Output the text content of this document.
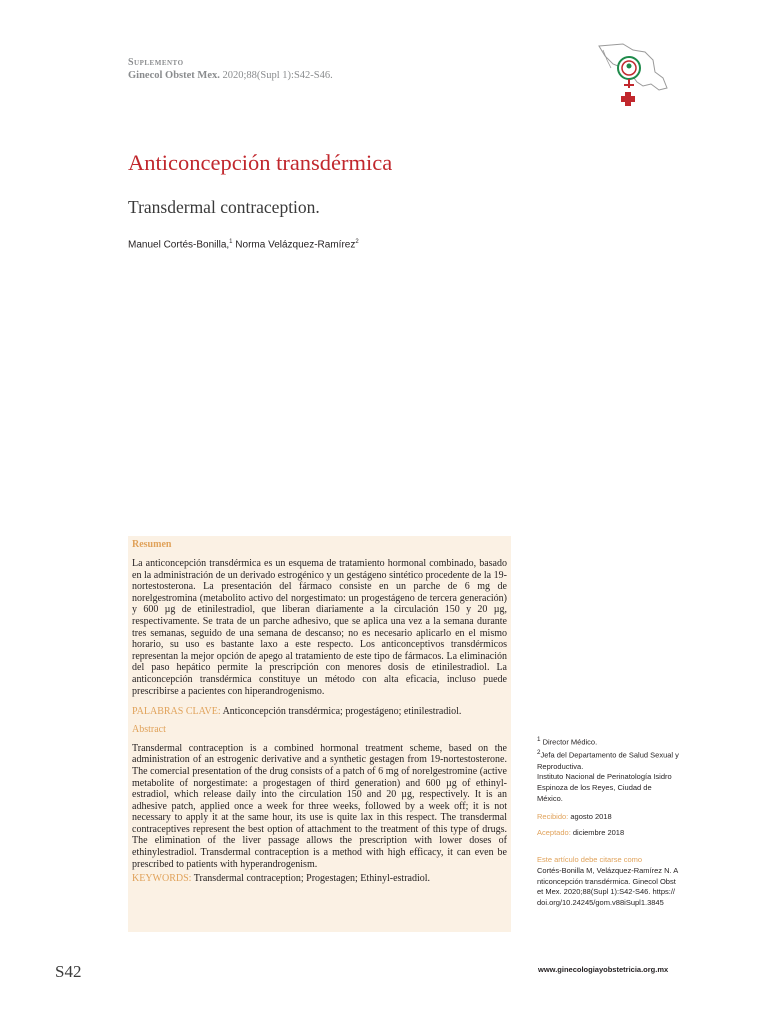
Suplemento
Ginecol Obstet Mex. 2020;88(Supl 1):S42-S46.
Anticoncepción transdérmica
Transdermal contraception.
Manuel Cortés-Bonilla,$^1$ Norma Velázquez-Ramírez$^2$
Resumen

La anticoncepción transdérmica es un esquema de tratamiento hormonal combinado, basado en la administración de un derivado estrogénico y un gestágeno sintético procedente de la 19-nortestosterona. La presentación del fármaco consiste en un parche de 6 mg de norelgestromina (metabolito activo del norgestimato: un progestágeno de tercera generación) y 600 µg de etinilestradiol, que liberan diariamente a la circulación 150 y 20 µg, respectivamente. Se trata de un parche adhesivo, que se aplica una vez a la semana durante tres semanas, seguido de una semana de descanso; no es necesario aplicarlo en el mismo horario, su uso es bastante laxo a este respecto. Los anticonceptivos transdérmicos representan la mejor opción de apego al tratamiento de este tipo de fármacos. La eliminación del paso hepático permite la prescripción con menores dosis de etinilestradiol. La anticoncepción transdérmica constituye un método con alta eficacia, incluso puede prescribirse a pacientes con hiperandrogenismo.

PALABRAS CLAVE: Anticoncepción transdérmica; progestágeno; etinilestradiol.
Abstract

Transdermal contraception is a combined hormonal treatment scheme, based on the administration of an estrogenic derivative and a synthetic gestagen from 19-nortestosterone. The comercial presentation of the drug consists of a patch of 6 mg of norelgestromine (active metabolite of norgestimate: a progestagen of third generation) and 600 µg of ethinyl-estradiol, which release daily into the circulation 150 and 20 µg, respectively. It is an adhesive patch, applied once a week for three weeks, followed by a week off; it is not necessary to apply it at the same hour, its use is quite lax in this respect. The transdermal contraceptives represent the best option of attachment to the treatment of this type of drugs. The elimination of the liver passage allows the prescription with lower doses of ethinylestradiol. Transdermal contraception is a method with high efficacy, it can even be prescribed to patients with hyperandrogenism.

KEYWORDS: Transdermal contraception; Progestagen; Ethinyl-estradiol.
$^1$ Director Médico.
$^2$Jefa del Departamento de Salud Sexual y Reproductiva.
Instituto Nacional de Perinatología Isidro Espinoza de los Reyes, Ciudad de México.
Recibido: agosto 2018
Aceptado: diciembre 2018
Este artículo debe citarse como
Cortés-Bonilla M, Velázquez-Ramírez N. Anticoncepción transdérmica. Ginecol Obstet Mex. 2020;88(Supl 1):S42-S46. https://doi.org/10.24245/gom.v88iSupl1.3845
S42	www.ginecologiayobstetricia.org.mx
